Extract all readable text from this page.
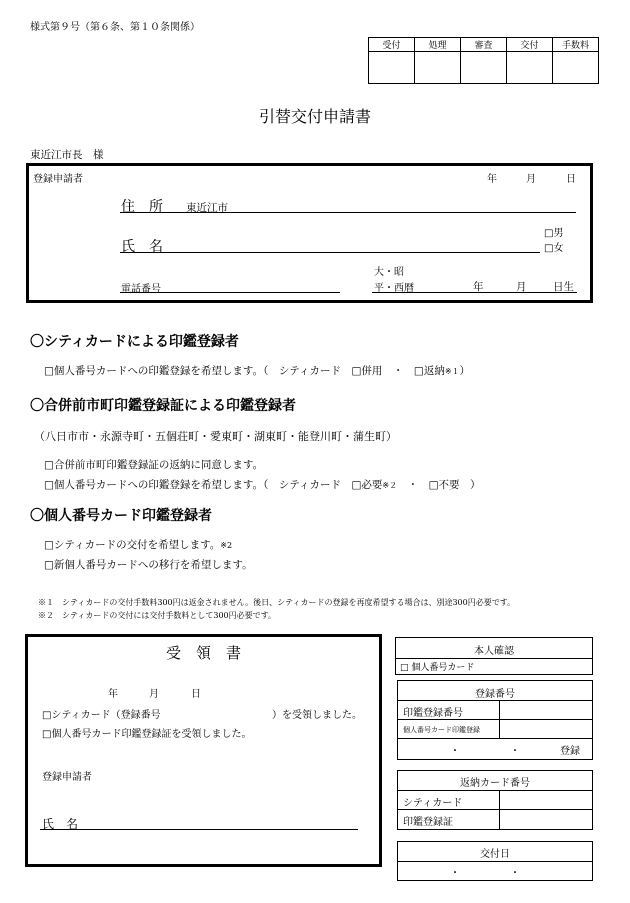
様式第９号（第６条、第１０条関係）
受付	処理	審査	交付	手数料

引替交付申請書
東近江市長　様
登録申請者	年	月	日
住　所 東近江市
□男
□女
氏　名
大・昭
平・西暦	年	月	日生
電話番号
〇シティカードによる印鑑登録者
□個人番号カードへの印鑑登録を希望します。（　シティカード　□併用　・　□返納※１）
〇合併前市町印鑑登録証による印鑑登録者
（八日市市・永源寺町・五個荘町・愛東町・湖東町・能登川町・蒲生町）
□合併前市町印鑑登録証の返納に同意します。
□個人番号カードへの印鑑登録を希望します。（　シティカード　□必要※２　・　□不要　）
〇個人番号カード印鑑登録者
□シティカードの交付を希望します。※2
□新個人番号カードへの移行を希望します。
※１　 シティカードの交付手数料300円は返金されません。後日、シティカードの登録を再度希望する場合は、別途300円必要です。
※２　 シティカードの交付には交付手数料として300円必要です。
受　領　書
年	月	日
□シティカード（登録番号	）を受領しました。
□個人番号カード印鑑登録証を受領しました。
登録申請者
氏　名
本人確認
□ 個人番号カード
登録番号
印鑑登録番号
個人番号カード印鑑登録
・　　　　　・	登録
返納カード番号
シティカード
印鑑登録証
交付日
・　　　　　・
